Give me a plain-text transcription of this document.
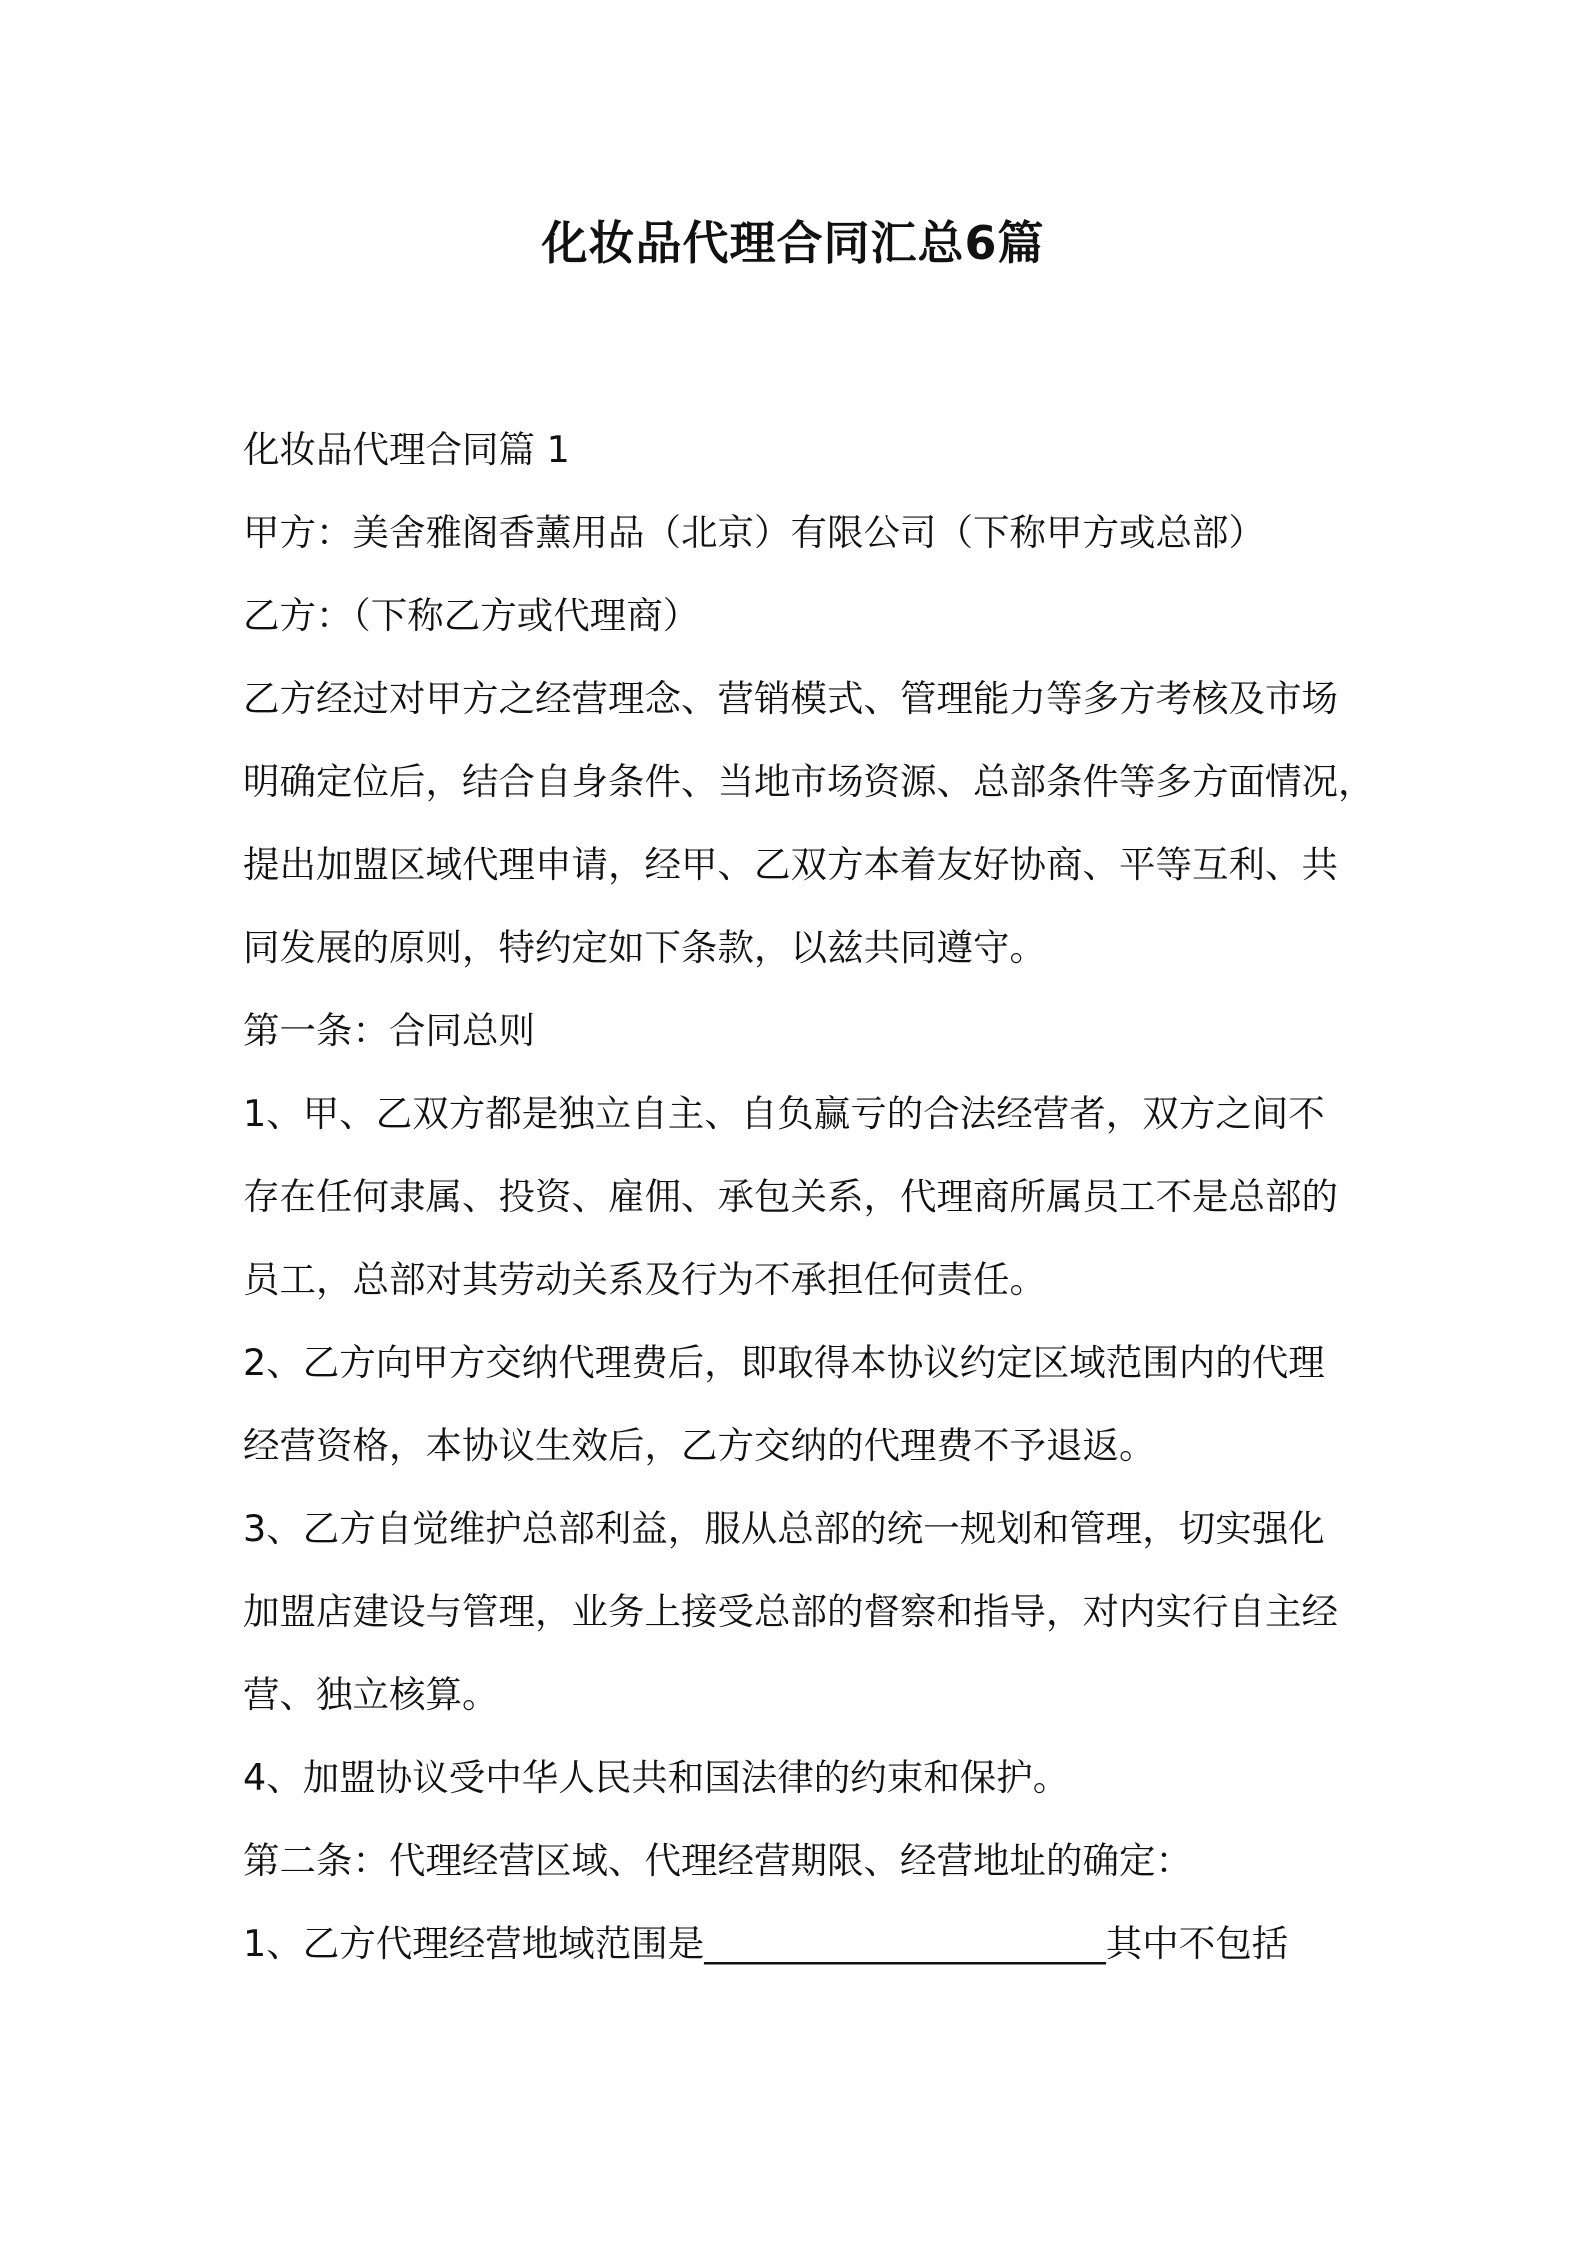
化妆品代理合同汇总6篇

化妆品代理合同篇 1

甲方：美舍雅阁香薰用品（北京）有限公司（下称甲方或总部）

乙方：（下称乙方或代理商）

乙方经过对甲方之经营理念、营销模式、管理能力等多方考核及市场

明确定位后，结合自身条件、当地市场资源、总部条件等多方面情况，

提出加盟区域代理申请，经甲、乙双方本着友好协商、平等互利、共

同发展的原则，特约定如下条款，以兹共同遵守。

第一条：合同总则

1、甲、乙双方都是独立自主、自负赢亏的合法经营者，双方之间不

存在任何隶属、投资、雇佣、承包关系，代理商所属员工不是总部的

员工，总部对其劳动关系及行为不承担任何责任。

2、乙方向甲方交纳代理费后，即取得本协议约定区域范围内的代理

经营资格，本协议生效后，乙方交纳的代理费不予退返。

3、乙方自觉维护总部利益，服从总部的统一规划和管理，切实强化

加盟店建设与管理，业务上接受总部的督察和指导，对内实行自主经

营、独立核算。

4、加盟协议受中华人民共和国法律的约束和保护。

第二条：代理经营区域、代理经营期限、经营地址的确定：

1、乙方代理经营地域范围是______________________其中不包括
